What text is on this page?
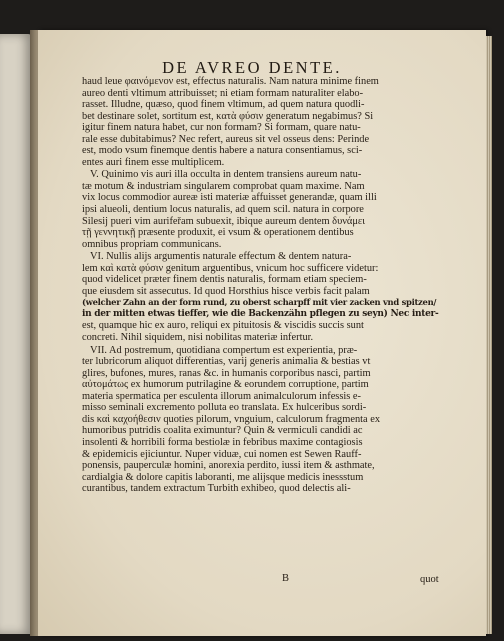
DE AVREO DENTE.
haud leue φαινόμενον est, effectus naturalis. Nam natura minime finem
aureo denti vltimum attribuisset; ni etiam formam naturaliter elabo-
rasset. Illudne, quæso, quod finem vltimum, ad quem natura quodli-
bet destinare solet, sortitum est, κατὰ φύσιν generatum negabimus? Si
igitur finem natura habet, cur non formam? Si formam, quare natu-
rale esse dubitabimus? Nec refert, aureus sit vel osseus dens: Perinde
est, modo vsum finemque dentis habere a natura consentiamus, sci-
entes auri finem esse multiplicem.
V. Quinimo vis auri illa occulta in dentem transiens aureum natu-
tæ motum & industriam singularem comprobat quam maxime. Nam
vix locus commodior aureæ isti materiæ affuisset generandæ, quam illi
ipsi alueoli, dentium locus naturalis, ad quem scil. natura in corpore
Silesij pueri vim aurifeřam subuexit, ibique aureum dentem δυνάμει
τῇ γεννητικῇ præsente produxit, ei vsum & operationem dentibus
omnibus propriam communicans.
VI. Nullis alijs argumentis naturale effectum & dentem natura-
lem καὶ κατὰ φύσιν genitum arguentibus, vnicum hoc sufficere videtur:
quod videlicet præter finem dentis naturalis, formam etiam speciem-
que eiusdem sit assecutus. Id quod Horsthius hisce verbis facit palam
(welcher Zahn an der form rund, zu oberst scharpff mit vier zacken vnd spitzen/
in der mitten etwas tieffer, wie die Backenzähn pflegen zu seyn) Nec inter-
est, quamque hic ex auro, reliqui ex pituitosis & viscidis succis sunt
concreti. Nihil siquidem, nisi nobilitas materiæ infertur.
VII. Ad postremum, quotidiana compertum est experientia, præ-
ter lubricorum aliquot differentias, varij generis animalia & bestias vt
glires, bufones, mures, ranas &c. in humanis corporibus nasci, partim
αὐτομάτως ex humorum putrilagine & eorundem corruptione, partim
materia spermatica per esculenta illorum animalculorum infessis e-
misso seminali excremento polluta eo translata. Ex hulceribus sordi-
dis καὶ καχοήθεσιν quoties pilorum, vnguium, calculorum fragmenta ex
humoribus putridis coalita eximuntur? Quin & vermiculi candidi ac
insolenti & horribili forma bestiolæ in febribus maxime contagiosis
& epidemicis ejiciuntur. Nuper viduæ, cui nomen est Sewen Rauff-
ponensis, pauperculæ homini, anorexia perdito, iussi item & asthmate,
cardialgia & dolore capitis laboranti, me alijsque medicis inessstum
curantibus, tandem extractum Turbith exhibeo, quod delectis ali-
B	quot
